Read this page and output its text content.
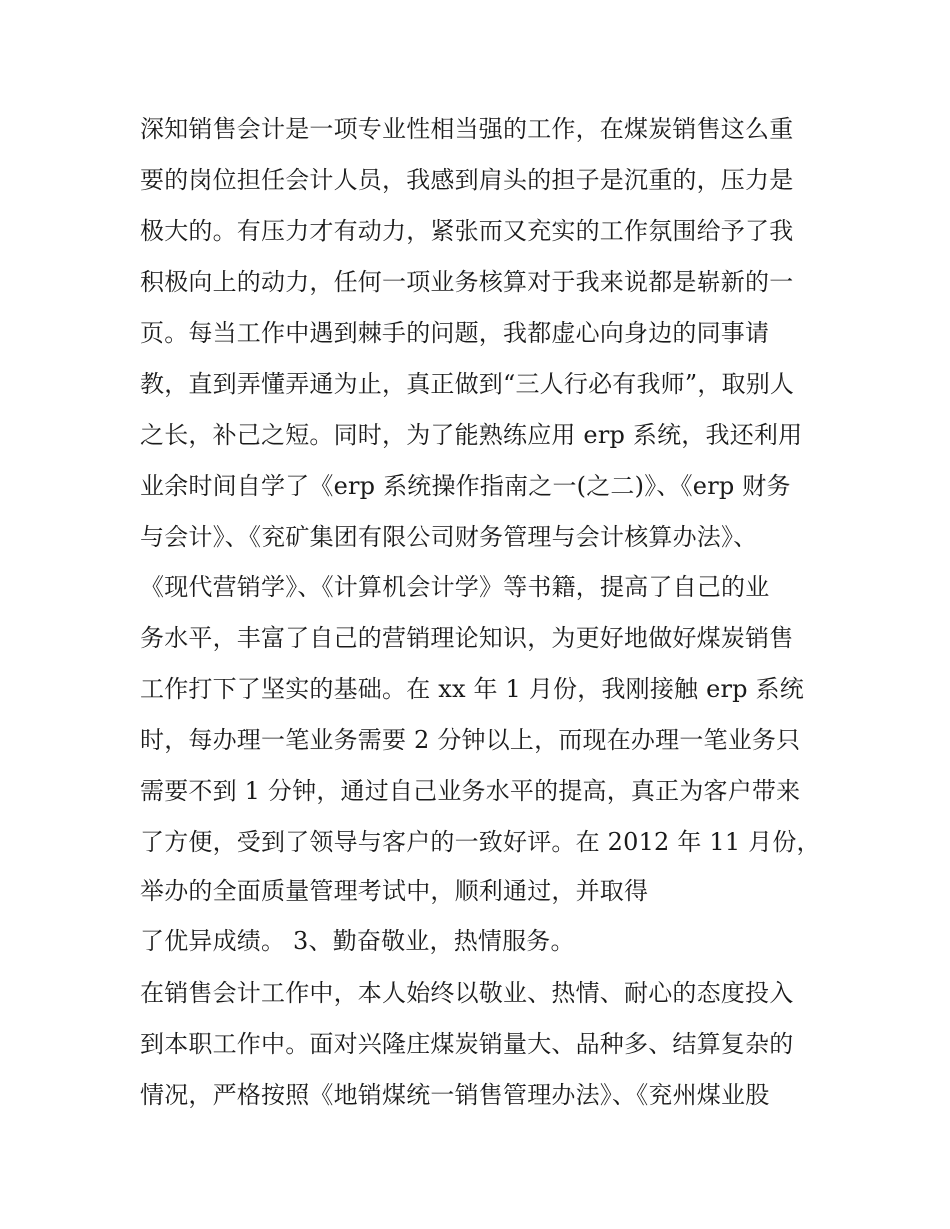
深知销售会计是一项专业性相当强的工作，在煤炭销售这么重
要的岗位担任会计人员，我感到肩头的担子是沉重的，压力是
极大的。有压力才有动力，紧张而又充实的工作氛围给予了我
积极向上的动力，任何一项业务核算对于我来说都是崭新的一
页。每当工作中遇到棘手的问题，我都虚心向身边的同事请
教，直到弄懂弄通为止，真正做到“三人行必有我师”，取别人
之长，补己之短。同时，为了能熟练应用 erp 系统，我还利用
业余时间自学了《erp 系统操作指南之一(之二)》、《erp 财务
与会计》、《兖矿集团有限公司财务管理与会计核算办法》、
《现代营销学》、《计算机会计学》等书籍，提高了自己的业
务水平，丰富了自己的营销理论知识，为更好地做好煤炭销售
工作打下了坚实的基础。在 xx 年 1 月份，我刚接触 erp 系统
时，每办理一笔业务需要 2 分钟以上，而现在办理一笔业务只
需要不到 1 分钟，通过自己业务水平的提高，真正为客户带来
了方便，受到了领导与客户的一致好评。在 2012 年 11 月份，
举办的全面质量管理考试中，顺利通过，并取得
了优异成绩。 3、勤奋敬业，热情服务。
在销售会计工作中，本人始终以敬业、热情、耐心的态度投入
到本职工作中。面对兴隆庄煤炭销量大、品种多、结算复杂的
情况，严格按照《地销煤统一销售管理办法》、《兖州煤业股
